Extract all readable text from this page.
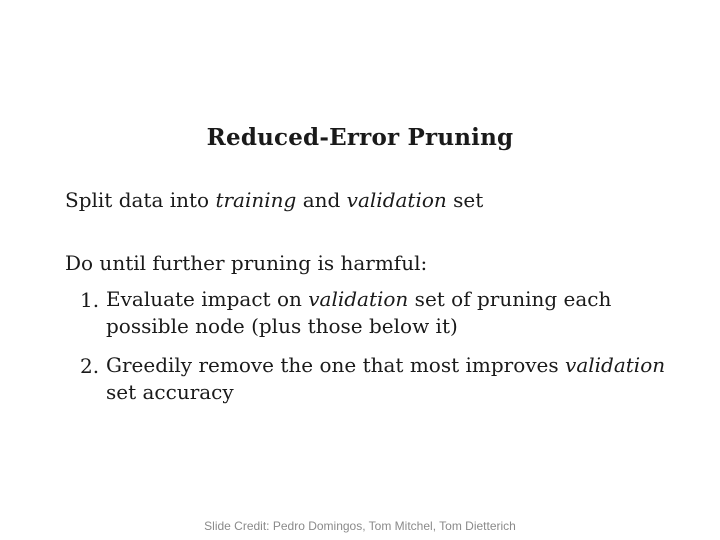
Reduced-Error Pruning

Split data into training and validation set

Do until further pruning is harmful:

1. Evaluate impact on validation set of pruning each

possible node (plus those below it)

2. Greedily remove the one that most improves validation

set accuracy

Slide Credit: Pedro Domingos, Tom Mitchel, Tom Dietterich
